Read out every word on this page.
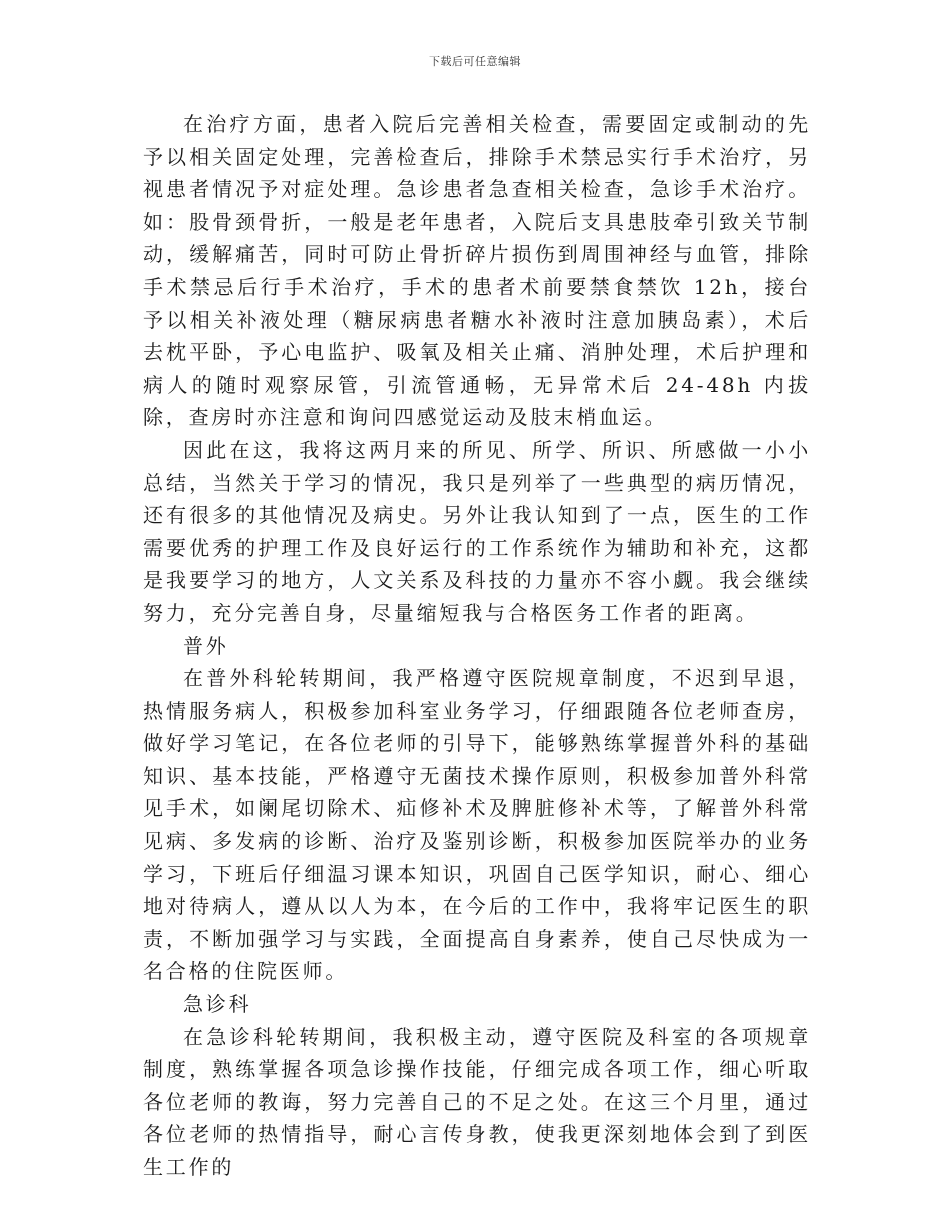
下载后可任意编辑

在治疗方面，患者入院后完善相关检查，需要固定或制动的先予以相关固定处理，完善检查后，排除手术禁忌实行手术治疗，另视患者情况予对症处理。急诊患者急查相关检查，急诊手术治疗。如：股骨颈骨折，一般是老年患者，入院后支具患肢牵引致关节制动，缓解痛苦，同时可防止骨折碎片损伤到周围神经与血管，排除手术禁忌后行手术治疗，手术的患者术前要禁食禁饮 12h，接台予以相关补液处理（糖尿病患者糖水补液时注意加胰岛素），术后去枕平卧，予心电监护、吸氧及相关止痛、消肿处理，术后护理和病人的随时观察尿管，引流管通畅，无异常术后 24-48h 内拔除，查房时亦注意和询问四感觉运动及肢末梢血运。

因此在这，我将这两月来的所见、所学、所识、所感做一小小总结，当然关于学习的情况，我只是列举了一些典型的病历情况，还有很多的其他情况及病史。另外让我认知到了一点，医生的工作需要优秀的护理工作及良好运行的工作系统作为辅助和补充，这都是我要学习的地方，人文关系及科技的力量亦不容小觑。我会继续努力，充分完善自身，尽量缩短我与合格医务工作者的距离。

普外

在普外科轮转期间，我严格遵守医院规章制度，不迟到早退，热情服务病人，积极参加科室业务学习，仔细跟随各位老师查房，做好学习笔记，在各位老师的引导下，能够熟练掌握普外科的基础知识、基本技能，严格遵守无菌技术操作原则，积极参加普外科常见手术，如阑尾切除术、疝修补术及脾脏修补术等，了解普外科常见病、多发病的诊断、治疗及鉴别诊断，积极参加医院举办的业务学习，下班后仔细温习课本知识，巩固自己医学知识，耐心、细心地对待病人，遵从以人为本，在今后的工作中，我将牢记医生的职责，不断加强学习与实践，全面提高自身素养，使自己尽快成为一名合格的住院医师。

急诊科

在急诊科轮转期间，我积极主动，遵守医院及科室的各项规章制度，熟练掌握各项急诊操作技能，仔细完成各项工作，细心听取各位老师的教诲，努力完善自己的不足之处。在这三个月里，通过各位老师的热情指导，耐心言传身教，使我更深刻地体会到了到医生工作的
